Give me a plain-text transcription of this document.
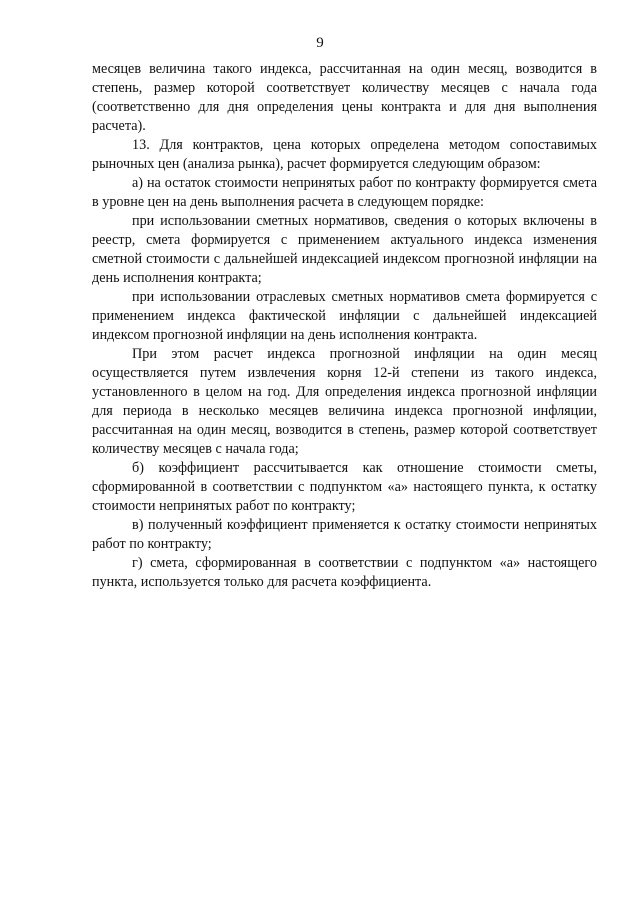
9

месяцев величина такого индекса, рассчитанная на один месяц, возводится в степень, размер которой соответствует количеству месяцев с начала года (соответственно для дня определения цены контракта и для дня выполнения расчета).

13. Для контрактов, цена которых определена методом сопоставимых рыночных цен (анализа рынка), расчет формируется следующим образом:

а) на остаток стоимости непринятых работ по контракту формируется смета в уровне цен на день выполнения расчета в следующем порядке:

при использовании сметных нормативов, сведения о которых включены в реестр, смета формируется с применением актуального индекса изменения сметной стоимости с дальнейшей индексацией индексом прогнозной инфляции на день исполнения контракта;

при использовании отраслевых сметных нормативов смета формируется с применением индекса фактической инфляции с дальнейшей индексацией индексом прогнозной инфляции на день исполнения контракта.

При этом расчет индекса прогнозной инфляции на один месяц осуществляется путем извлечения корня 12-й степени из такого индекса, установленного в целом на год. Для определения индекса прогнозной инфляции для периода в несколько месяцев величина индекса прогнозной инфляции, рассчитанная на один месяц, возводится в степень, размер которой соответствует количеству месяцев с начала года;

б) коэффициент рассчитывается как отношение стоимости сметы, сформированной в соответствии с подпунктом «а» настоящего пункта, к остатку стоимости непринятых работ по контракту;

в) полученный коэффициент применяется к остатку стоимости непринятых работ по контракту;

г) смета, сформированная в соответствии с подпунктом «а» настоящего пункта, используется только для расчета коэффициента.
